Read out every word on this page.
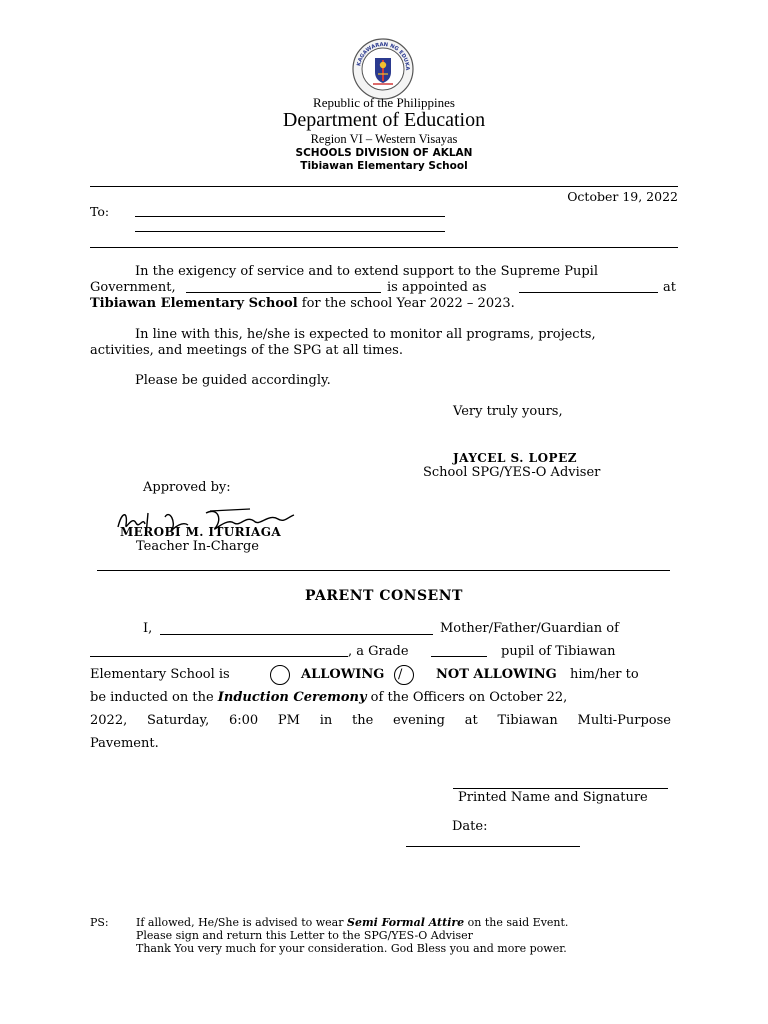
KAGAWARAN NG EDUKA
Republic of the Philippines
Department of Education
Region VI – Western Visayas
SCHOOLS DIVISION OF AKLAN
Tibiawan Elementary School
October 19, 2022
To:
In the exigency of service and to extend support to the Supreme Pupil
Government,	is appointed as	at
Tibiawan Elementary School for the school Year 2022 – 2023.
In line with this, he/she is expected to monitor all programs, projects,
activities, and meetings of the SPG at all times.
Please be guided accordingly.
Very truly yours,
JAYCEL S. LOPEZ
School SPG/YES-O Adviser
Approved by:
MEROBI M. ITURIAGA
Teacher In-Charge
PARENT CONSENT
I,	Mother/Father/Guardian of
, a Grade	pupil of Tibiawan
Elementary School is	ALLOWING /	NOT ALLOWING him/her to
be inducted on the Induction Ceremony of the Officers on October 22,
2022, Saturday, 6:00 PM in the evening at Tibiawan Multi-Purpose
Pavement.
Printed Name and Signature
Date:
PS: If allowed, He/She is advised to wear Semi Formal Attire on the said Event.
Please sign and return this Letter to the SPG/YES-O Adviser
Thank You very much for your consideration. God Bless you and more power.
